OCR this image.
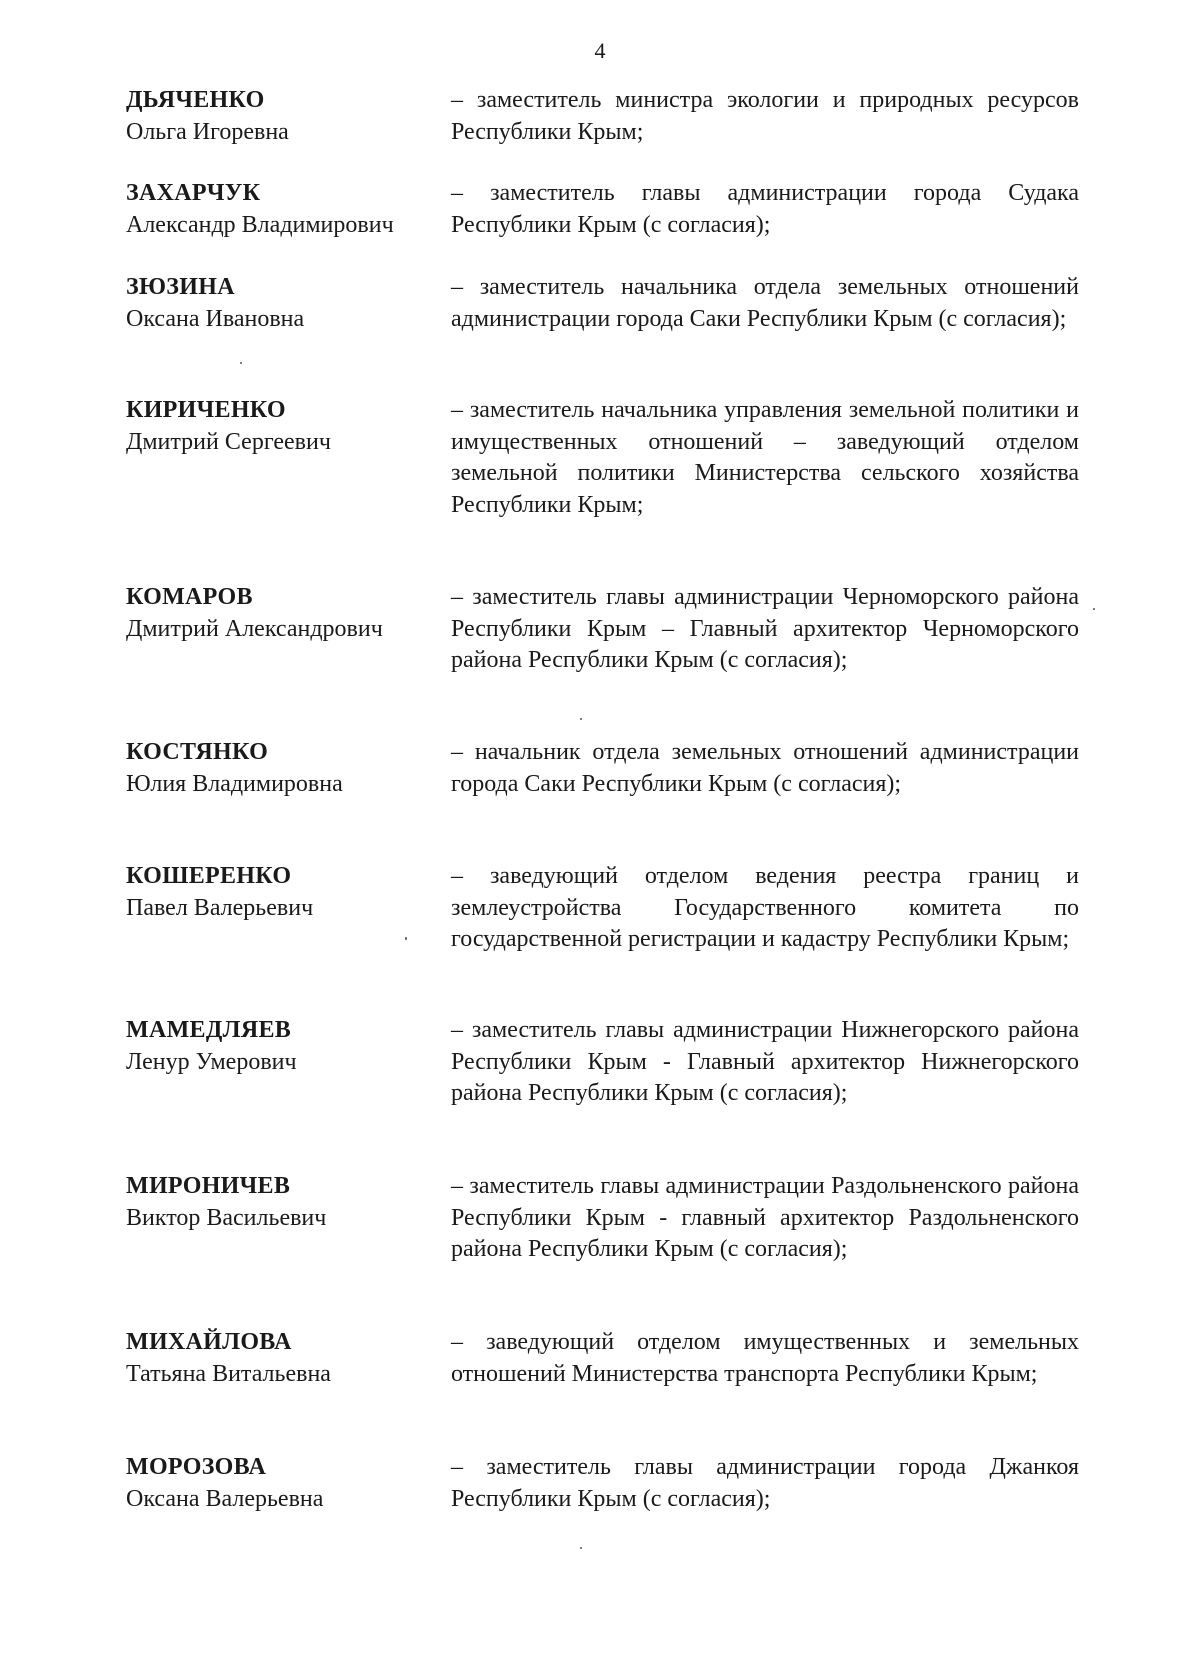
4
ДЬЯЧЕНКО
Ольга Игоревна
– заместитель министра экологии и природных ресурсов Республики Крым;
ЗАХАРЧУК
Александр Владимирович
– заместитель главы администрации города Судака Республики Крым (с согласия);
ЗЮЗИНА
Оксана Ивановна
– заместитель начальника отдела земельных отношений администрации города Саки Республики Крым (с согласия);
КИРИЧЕНКО
Дмитрий Сергеевич
– заместитель начальника управления земельной политики и имущественных отношений – заведующий отделом земельной политики Министерства сельского хозяйства Республики Крым;
КОМАРОВ
Дмитрий Александрович
– заместитель главы администрации Черноморского района Республики Крым – Главный архитектор Черноморского района Республики Крым (с согласия);
КОСТЯНКО
Юлия Владимировна
– начальник отдела земельных отношений администрации города Саки Республики Крым (с согласия);
КОШЕРЕНКО
Павел Валерьевич
– заведующий отделом ведения реестра границ и землеустройства Государственного комитета по государственной регистрации и кадастру Республики Крым;
МАМЕДЛЯЕВ
Ленур Умерович
– заместитель главы администрации Нижнегорского района Республики Крым - Главный архитектор Нижнегорского района Республики Крым (с согласия);
МИРОНИЧЕВ
Виктор Васильевич
– заместитель главы администрации Раздольненского района Республики Крым - главный архитектор Раздольненского района Республики Крым (с согласия);
МИХАЙЛОВА
Татьяна Витальевна
– заведующий отделом имущественных и земельных отношений Министерства транспорта Республики Крым;
МОРОЗОВА
Оксана Валерьевна
– заместитель главы администрации города Джанкоя Республики Крым (с согласия);
